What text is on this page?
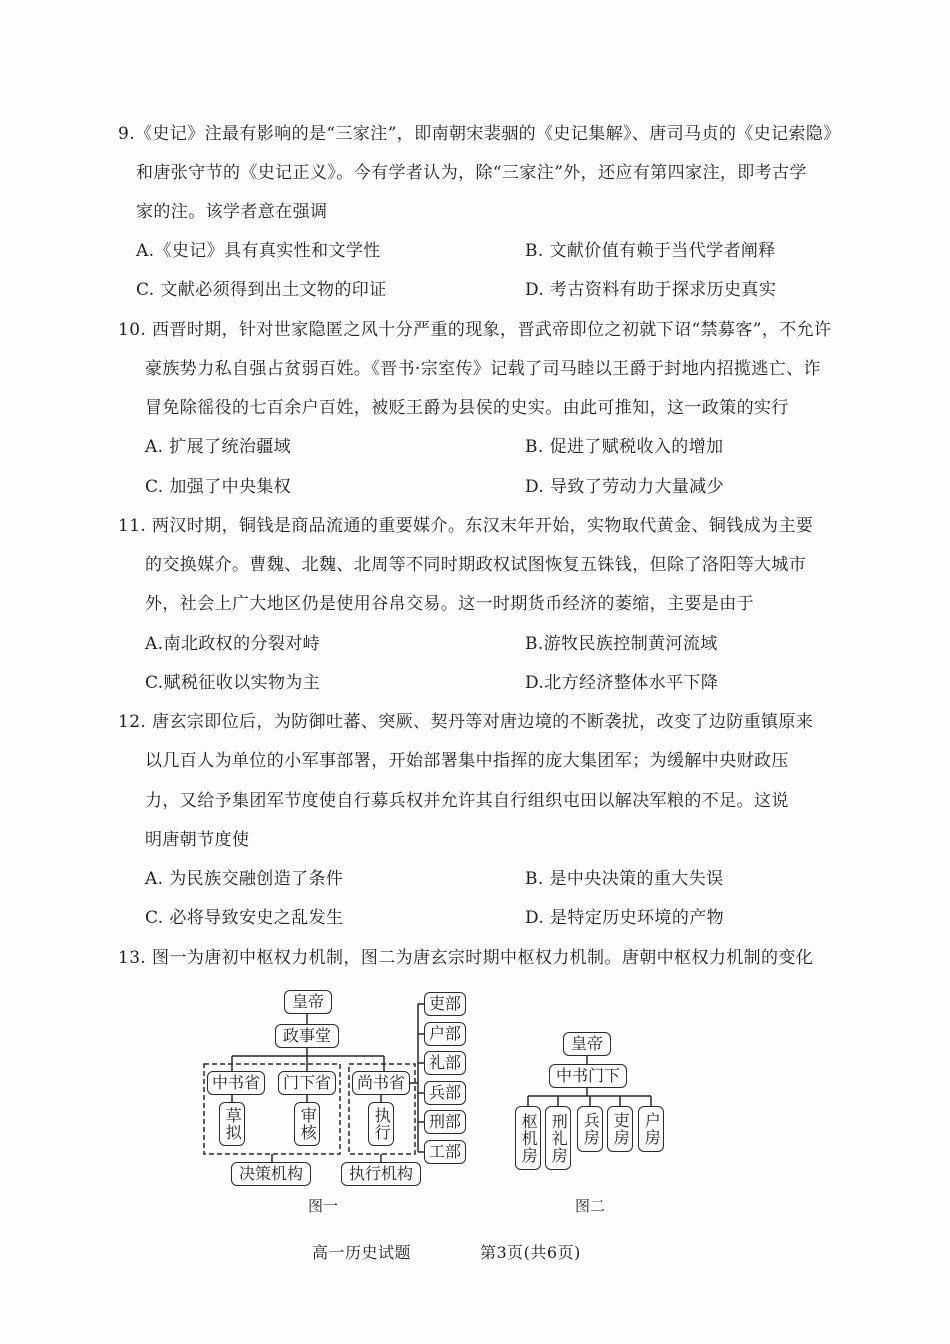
9.《史记》注最有影响的是“三家注”，即南朝宋裴骃的《史记集解》、唐司马贞的《史记索隐》
和唐张守节的《史记正义》。今有学者认为，除“三家注”外，还应有第四家注，即考古学
家的注。该学者意在强调
A.《史记》具有真实性和文学性	B. 文献价值有赖于当代学者阐释
C. 文献必须得到出土文物的印证	D. 考古资料有助于探求历史真实
10. 西晋时期，针对世家隐匿之风十分严重的现象，晋武帝即位之初就下诏“禁募客”，不允许
豪族势力私自强占贫弱百姓。《晋书·宗室传》记载了司马睦以王爵于封地内招揽逃亡、诈
冒免除徭役的七百余户百姓，被贬王爵为县侯的史实。由此可推知，这一政策的实行
A. 扩展了统治疆域	B. 促进了赋税收入的增加
C. 加强了中央集权	D. 导致了劳动力大量减少
11. 两汉时期，铜钱是商品流通的重要媒介。东汉末年开始，实物取代黄金、铜钱成为主要
的交换媒介。曹魏、北魏、北周等不同时期政权试图恢复五铢钱，但除了洛阳等大城市
外，社会上广大地区仍是使用谷帛交易。这一时期货币经济的萎缩，主要是由于
A.南北政权的分裂对峙	B.游牧民族控制黄河流域
C.赋税征收以实物为主	D.北方经济整体水平下降
12. 唐玄宗即位后，为防御吐蕃、突厥、契丹等对唐边境的不断袭扰，改变了边防重镇原来
以几百人为单位的小军事部署，开始部署集中指挥的庞大集团军；为缓解中央财政压
力，又给予集团军节度使自行募兵权并允许其自行组织屯田以解决军粮的不足。这说
明唐朝节度使
A. 为民族交融创造了条件	B. 是中央决策的重大失误
C. 必将导致安史之乱发生	D. 是特定历史环境的产物
13. 图一为唐初中枢权力机制，图二为唐玄宗时期中枢权力机制。唐朝中枢权力机制的变化
皇帝
政事堂
中书省	门下省	尚书省
草拟	审核	执行
决策机构	执行机构
吏部
户部
礼部
兵部
刑部
工部
图一
皇帝
中书门下
枢机房 刑礼房 兵房 吏房 户房
图二
高一历史试题	第3页(共6页)
